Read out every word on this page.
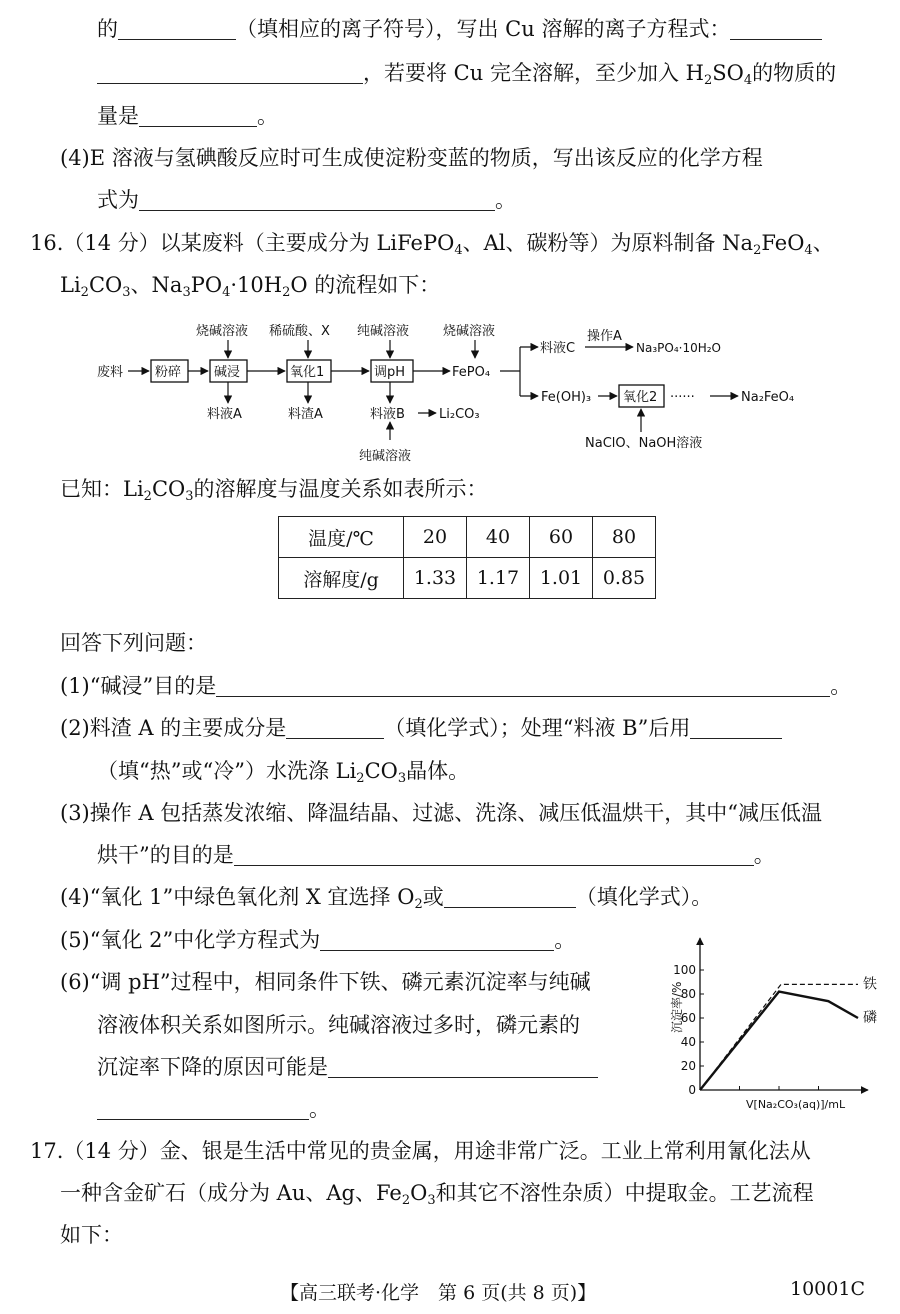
的	（填相应的离子符号），写出 Cu 溶解的离子方程式：
，若要将 Cu 完全溶解，至少加入 $H_2SO_4$的物质的
量是	。
(4)E 溶液与氢碘酸反应时可生成使淀粉变蓝的物质，写出该反应的化学方程
式为	。
16.（14 分）以某废料（主要成分为 LiFePO$_4$、Al、碳粉等）为原料制备 $Na_2FeO_4$、
$Li_2CO_3$、$Na_3PO_4\cdot 10H_2O$ 的流程如下：
烧碱溶液 稀硫酸、X 纯碱溶液	烧碱溶液
废料 粉碎	碱浸	氧化1	调pH	FePO₄
料液C
操作A
Na₃PO₄·10H₂O
Fe(OH)₃ 氧化2 ······	Na₂FeO₄
NaClO、NaOH溶液
料液A	料渣A	料液B	Li₂CO₃
纯碱溶液
已知：$Li_2CO_3$的溶解度与温度关系如表所示：
温度/℃	20	40	60	80
溶解度/g	1.33	1.17	1.01	0.85
回答下列问题：
(1)“碱浸”目的是	。
(2)料渣 A 的主要成分是	（填化学式）；处理“料液 B”后用
（填“热”或“冷”）水洗涤 $Li_2CO_3$晶体。
(3)操作 A 包括蒸发浓缩、降温结晶、过滤、洗涤、减压低温烘干，其中“减压低温
烘干”的目的是	。
(4)“氧化 1”中绿色氧化剂 X 宜选择 $O_2$或	（填化学式）。
(5)“氧化 2”中化学方程式为	。
(6)“调 pH”过程中，相同条件下铁、磷元素沉淀率与纯碱
溶液体积关系如图所示。纯碱溶液过多时，磷元素的
沉淀率下降的原因可能是
。
沉淀率/%
V[Na₂CO₃(aq)]/mL
0
20
40
60
80
100
铁
磷
17.（14 分）金、银是生活中常见的贵金属，用途非常广泛。工业上常利用氰化法从
一种含金矿石（成分为 Au、Ag、$Fe_2O_3$和其它不溶性杂质）中提取金。工艺流程
如下：
【高三联考·化学　第 6 页(共 8 页)】	10001C
